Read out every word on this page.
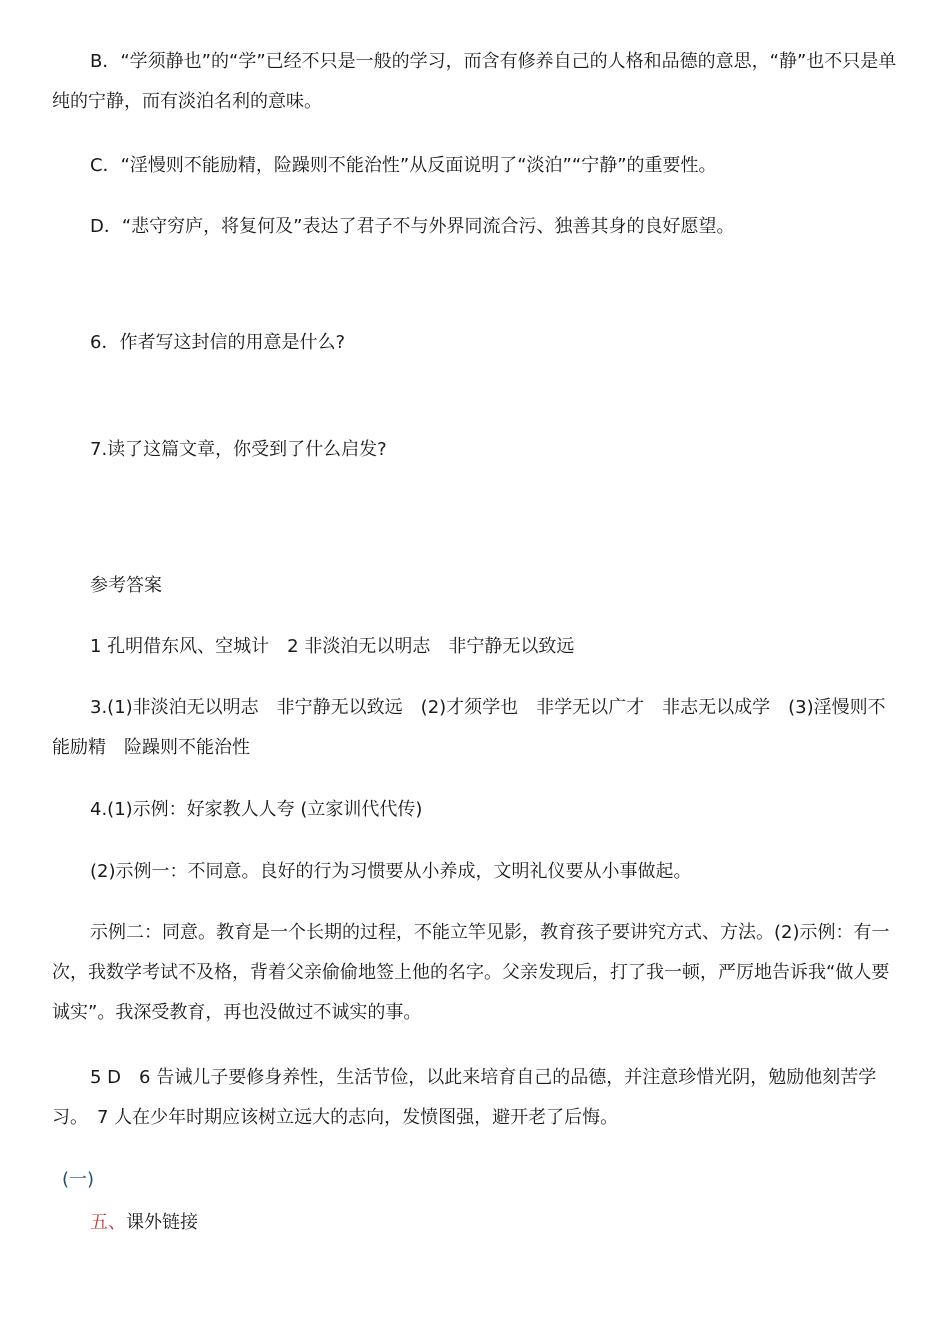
B．“学须静也”的“学”已经不只是一般的学习，而含有修养自己的人格和品德的意思，“静”也不只是单纯的宁静，而有淡泊名利的意味。

C．“淫慢则不能励精，险躁则不能治性”从反面说明了“淡泊”“宁静”的重要性。

D．“悲守穷庐，将复何及”表达了君子不与外界同流合污、独善其身的良好愿望。

6．作者写这封信的用意是什么?

7.读了这篇文章，你受到了什么启发?

参考答案

1 孔明借东风、空城计　2 非淡泊无以明志　非宁静无以致远

3.(1)非淡泊无以明志　非宁静无以致远　(2)才须学也　非学无以广才　非志无以成学　(3)淫慢则不能励精　险躁则不能治性

4.(1)示例：好家教人人夸 (立家训代代传)

(2)示例一：不同意。良好的行为习惯要从小养成，文明礼仪要从小事做起。

示例二：同意。教育是一个长期的过程，不能立竿见影，教育孩子要讲究方式、方法。(2)示例：有一次，我数学考试不及格，背着父亲偷偷地签上他的名字。父亲发现后，打了我一顿，严厉地告诉我“做人要诚实”。我深受教育，再也没做过不诚实的事。

5 D　6 告诫儿子要修身养性，生活节俭，以此来培育自己的品德，并注意珍惜光阴，勉励他刻苦学习。　7 人在少年时期应该树立远大的志向，发愤图强，避开老了后悔。

(一)

五、课外链接
